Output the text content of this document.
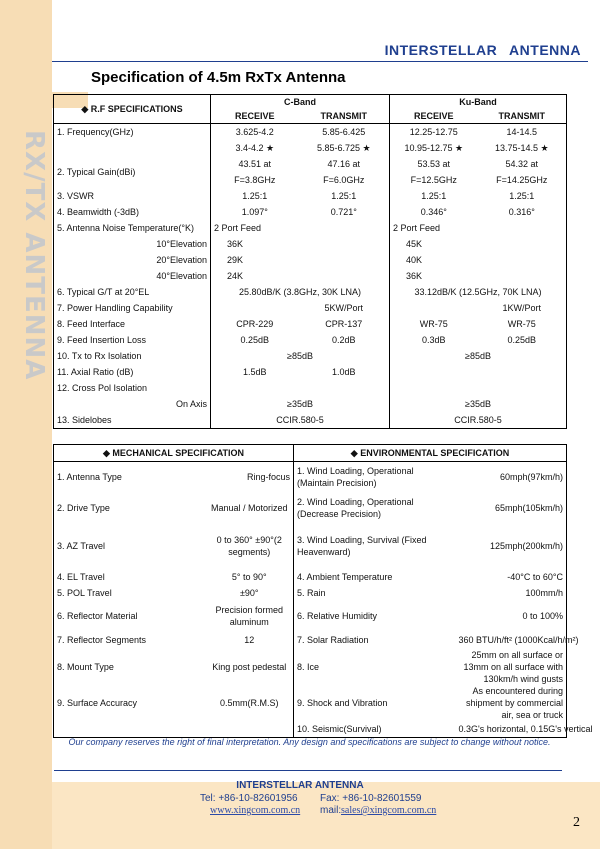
RX/TX ANTENNA
INTERSTELLAR ANTENNA
Specification of 4.5m RxTx Antenna
◆ R.F SPECIFICATIONS	C-Band		Ku-Band	
	RECEIVE	TRANSMIT	RECEIVE	TRANSMIT
1. Frequency(GHz)	3.625-4.2	5.85-6.425	12.25-12.75	14-14.5
	3.4-4.2 ★	5.85-6.725 ★	10.95-12.75 ★	13.75-14.5 ★
2. Typical Gain(dBi)	43.51 at	47.16 at	53.53 at	54.32 at
	F=3.8GHz	F=6.0GHz	F=12.5GHz	F=14.25GHz
3. VSWR	1.25:1	1.25:1	1.25:1	1.25:1
4. Beamwidth (-3dB)	1.097°	0.721°	0.346°	0.316°
5. Antenna Noise Temperature(°K)	2 Port Feed		2 Port Feed	
10°Elevation	36K		45K	
20°Elevation	29K		40K	
40°Elevation	24K		36K	
6. Typical G/T at 20°EL	25.80dB/K (3.8GHz, 30K LNA)		33.12dB/K (12.5GHz, 70K LNA)	
7. Power Handling Capability		5KW/Port		1KW/Port
8. Feed Interface	CPR-229	CPR-137	WR-75	WR-75
9. Feed Insertion Loss	0.25dB	0.2dB	0.3dB	0.25dB
10. Tx to Rx Isolation	≥85dB		≥85dB	
11. Axial Ratio (dB)	1.5dB	1.0dB		
12. Cross Pol Isolation				
On Axis	≥35dB		≥35dB	
13. Sidelobes	CCIR.580-5		CCIR.580-5	
◆ MECHANICAL SPECIFICATION		◆ ENVIRONMENTAL SPECIFICATION	
1. Antenna Type	Ring-focus	1. Wind Loading, Operational (Maintain Precision)	60mph(97km/h)
2. Drive Type	Manual / Motorized	2. Wind Loading, Operational (Decrease Precision)	65mph(105km/h)
3. AZ Travel	0 to 360° ±90°(2 segments)	3. Wind Loading, Survival (Fixed Heavenward)	125mph(200km/h)
4. EL Travel	5° to 90°	4. Ambient Temperature	-40°C to 60°C
5. POL Travel	±90°	5. Rain	100mm/h
6. Reflector Material	Precision formed aluminum	6. Relative Humidity	0 to 100%
7. Reflector Segments	12	7. Solar Radiation	360 BTU/h/ft² (1000Kcal/h/m²)
8. Mount Type	King post pedestal	8. Ice	25mm on all surface or 13mm on all surface with 130km/h wind gusts
9. Surface Accuracy	0.5mm(R.M.S)	9. Shock and Vibration	As encountered during shipment by commercial air, sea or truck
		10. Seismic(Survival)	0.3G's horizontal, 0.15G's vertical
Our company reserves the right of final interpretation. Any design and specifications are subject to change without notice.
INTERSTELLAR ANTENNA
Tel: +86-10-82601956 Fax: +86-10-82601559
www.xingcom.com.cn mail: sales@xingcom.com.cn
2
